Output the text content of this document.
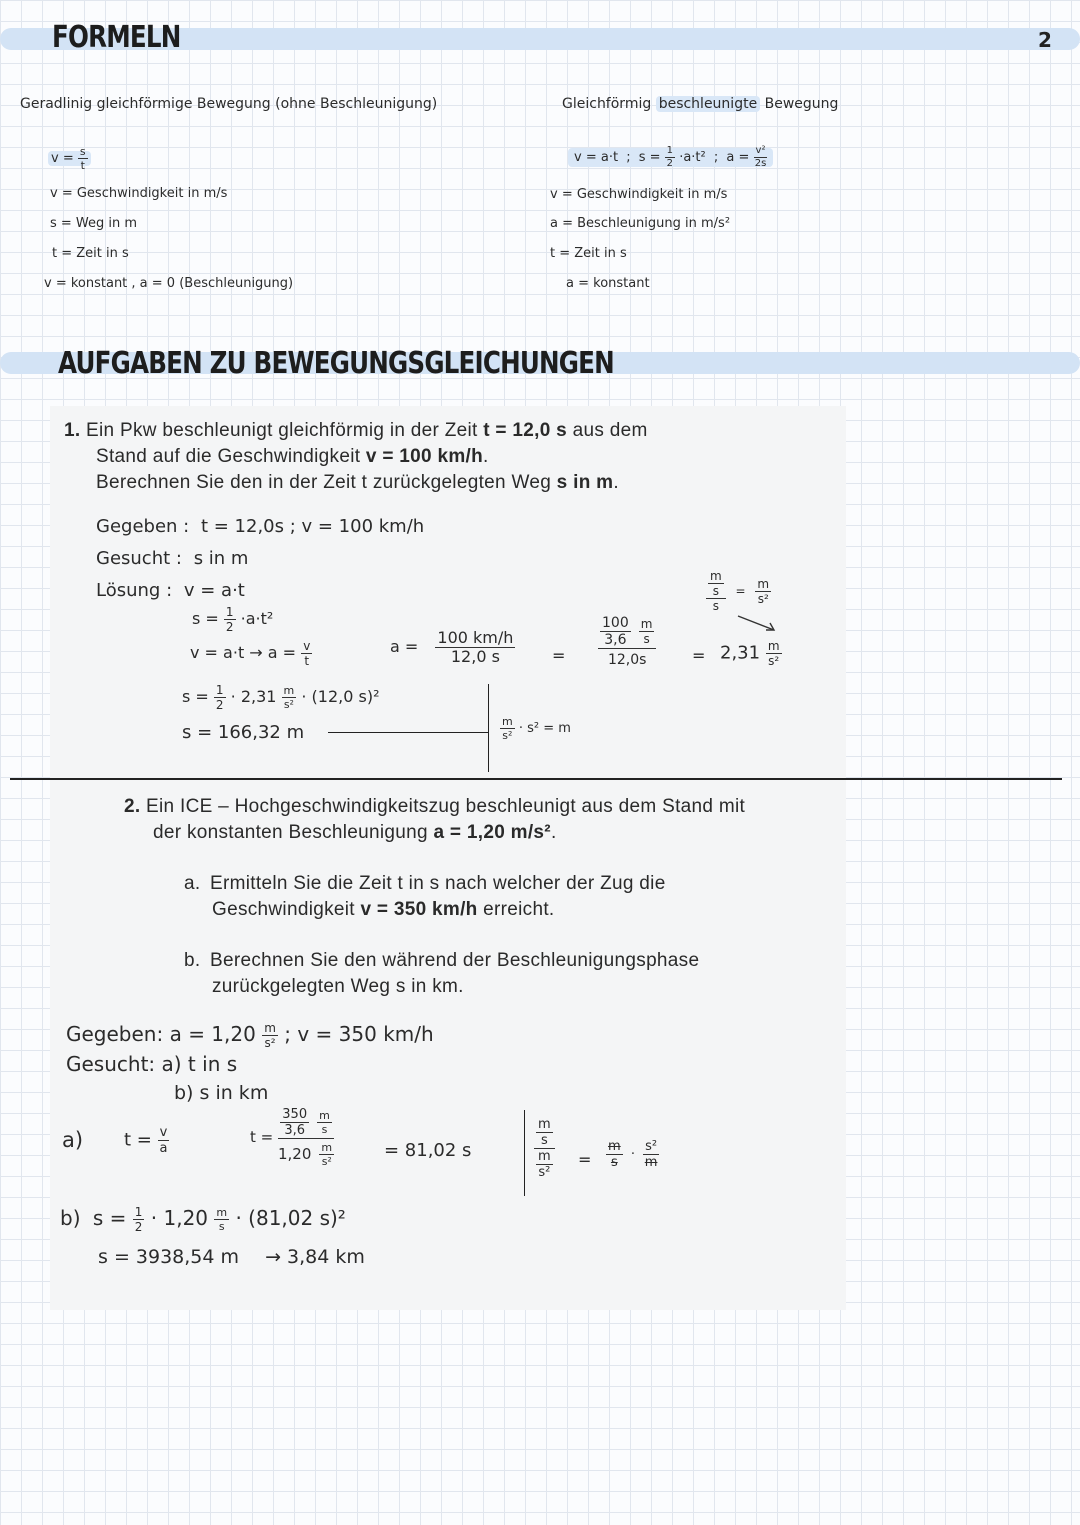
FORMELN	2
Geradlinig gleichförmige Bewegung (ohne Beschleunigung)
$v = \frac{s}{t}$
v = Geschwindigkeit in m/s
s = Weg in m
t = Zeit in s
v = konstant , a = 0 (Beschleunigung)
Gleichförmig beschleunigte Bewegung
v = a·t ; $s = \frac{1}{2} \cdot a\cdot t^2$ ; $a = \frac{\text{v²}}{2s}$
v = Geschwindigkeit in m/s
a = Beschleunigung in m/s²
t = Zeit in s
a = konstant
AUFGABEN ZU BEWEGUNGSGLEICHUNGEN
1. Ein Pkw beschleunigt gleichförmig in der Zeit t = 12,0 s aus dem
Stand auf die Geschwindigkeit v = 100 km/h.
Berechnen Sie den in der Zeit t zurückgelegten Weg s in m.
Gegeben : t = 12,0s ; v = 100 km/h
Gesucht : s in m
Lösung : v = a·t
$s = \frac{1}{2} \cdot a\cdot t^2$
$v = a\cdot t \to a = \frac{v}{t}$	$a = \frac{100 km/h}{12,0 s} = \frac{\frac{100}{3,6} \frac{m}{s}}{12,0s} = 2,31 \frac{m}{\text{s²}}$
$\frac{\frac{m}{s}}{s} = \frac{m}{\text{s²}}$
$s = \frac{1}{2} \cdot 2,31 \frac{m}{\text{s²}} \cdot (12,0$ s)²
s = 166,32 m	$\frac{m}{\text{s²}} \cdot s^2 = m$
2. Ein ICE – Hochgeschwindigkeitszug beschleunigt aus dem Stand mit
der konstanten Beschleunigung a = 1,20 m/s².
a. Ermitteln Sie die Zeit t in s nach welcher der Zug die
Geschwindigkeit v = 350 km/h erreicht.
b. Berechnen Sie den während der Beschleunigungsphase
zurückgelegten Weg s in km.
Gegeben: $a = 1,20 \frac{m}{\text{s²}}$ ; v = 350 km/h
Gesucht: a) t in s
b) s in km
a) $t = \frac{v}{a}$	$t = \frac{\frac{350}{3,6} \frac{m}{s}}{1,20 \frac{m}{\text{s²}}}$	= 81,02 s	$\frac{\frac{m}{s}}{\frac{m}{\text{s²}}} = \frac{m}{s} \cdot \frac{\text{s²}}{m}$
b) $s = \frac{1}{2} \cdot 1,20 \frac{m}{s} \cdot (81,02$ s)²
s = 3938,54 m → 3,84 km
